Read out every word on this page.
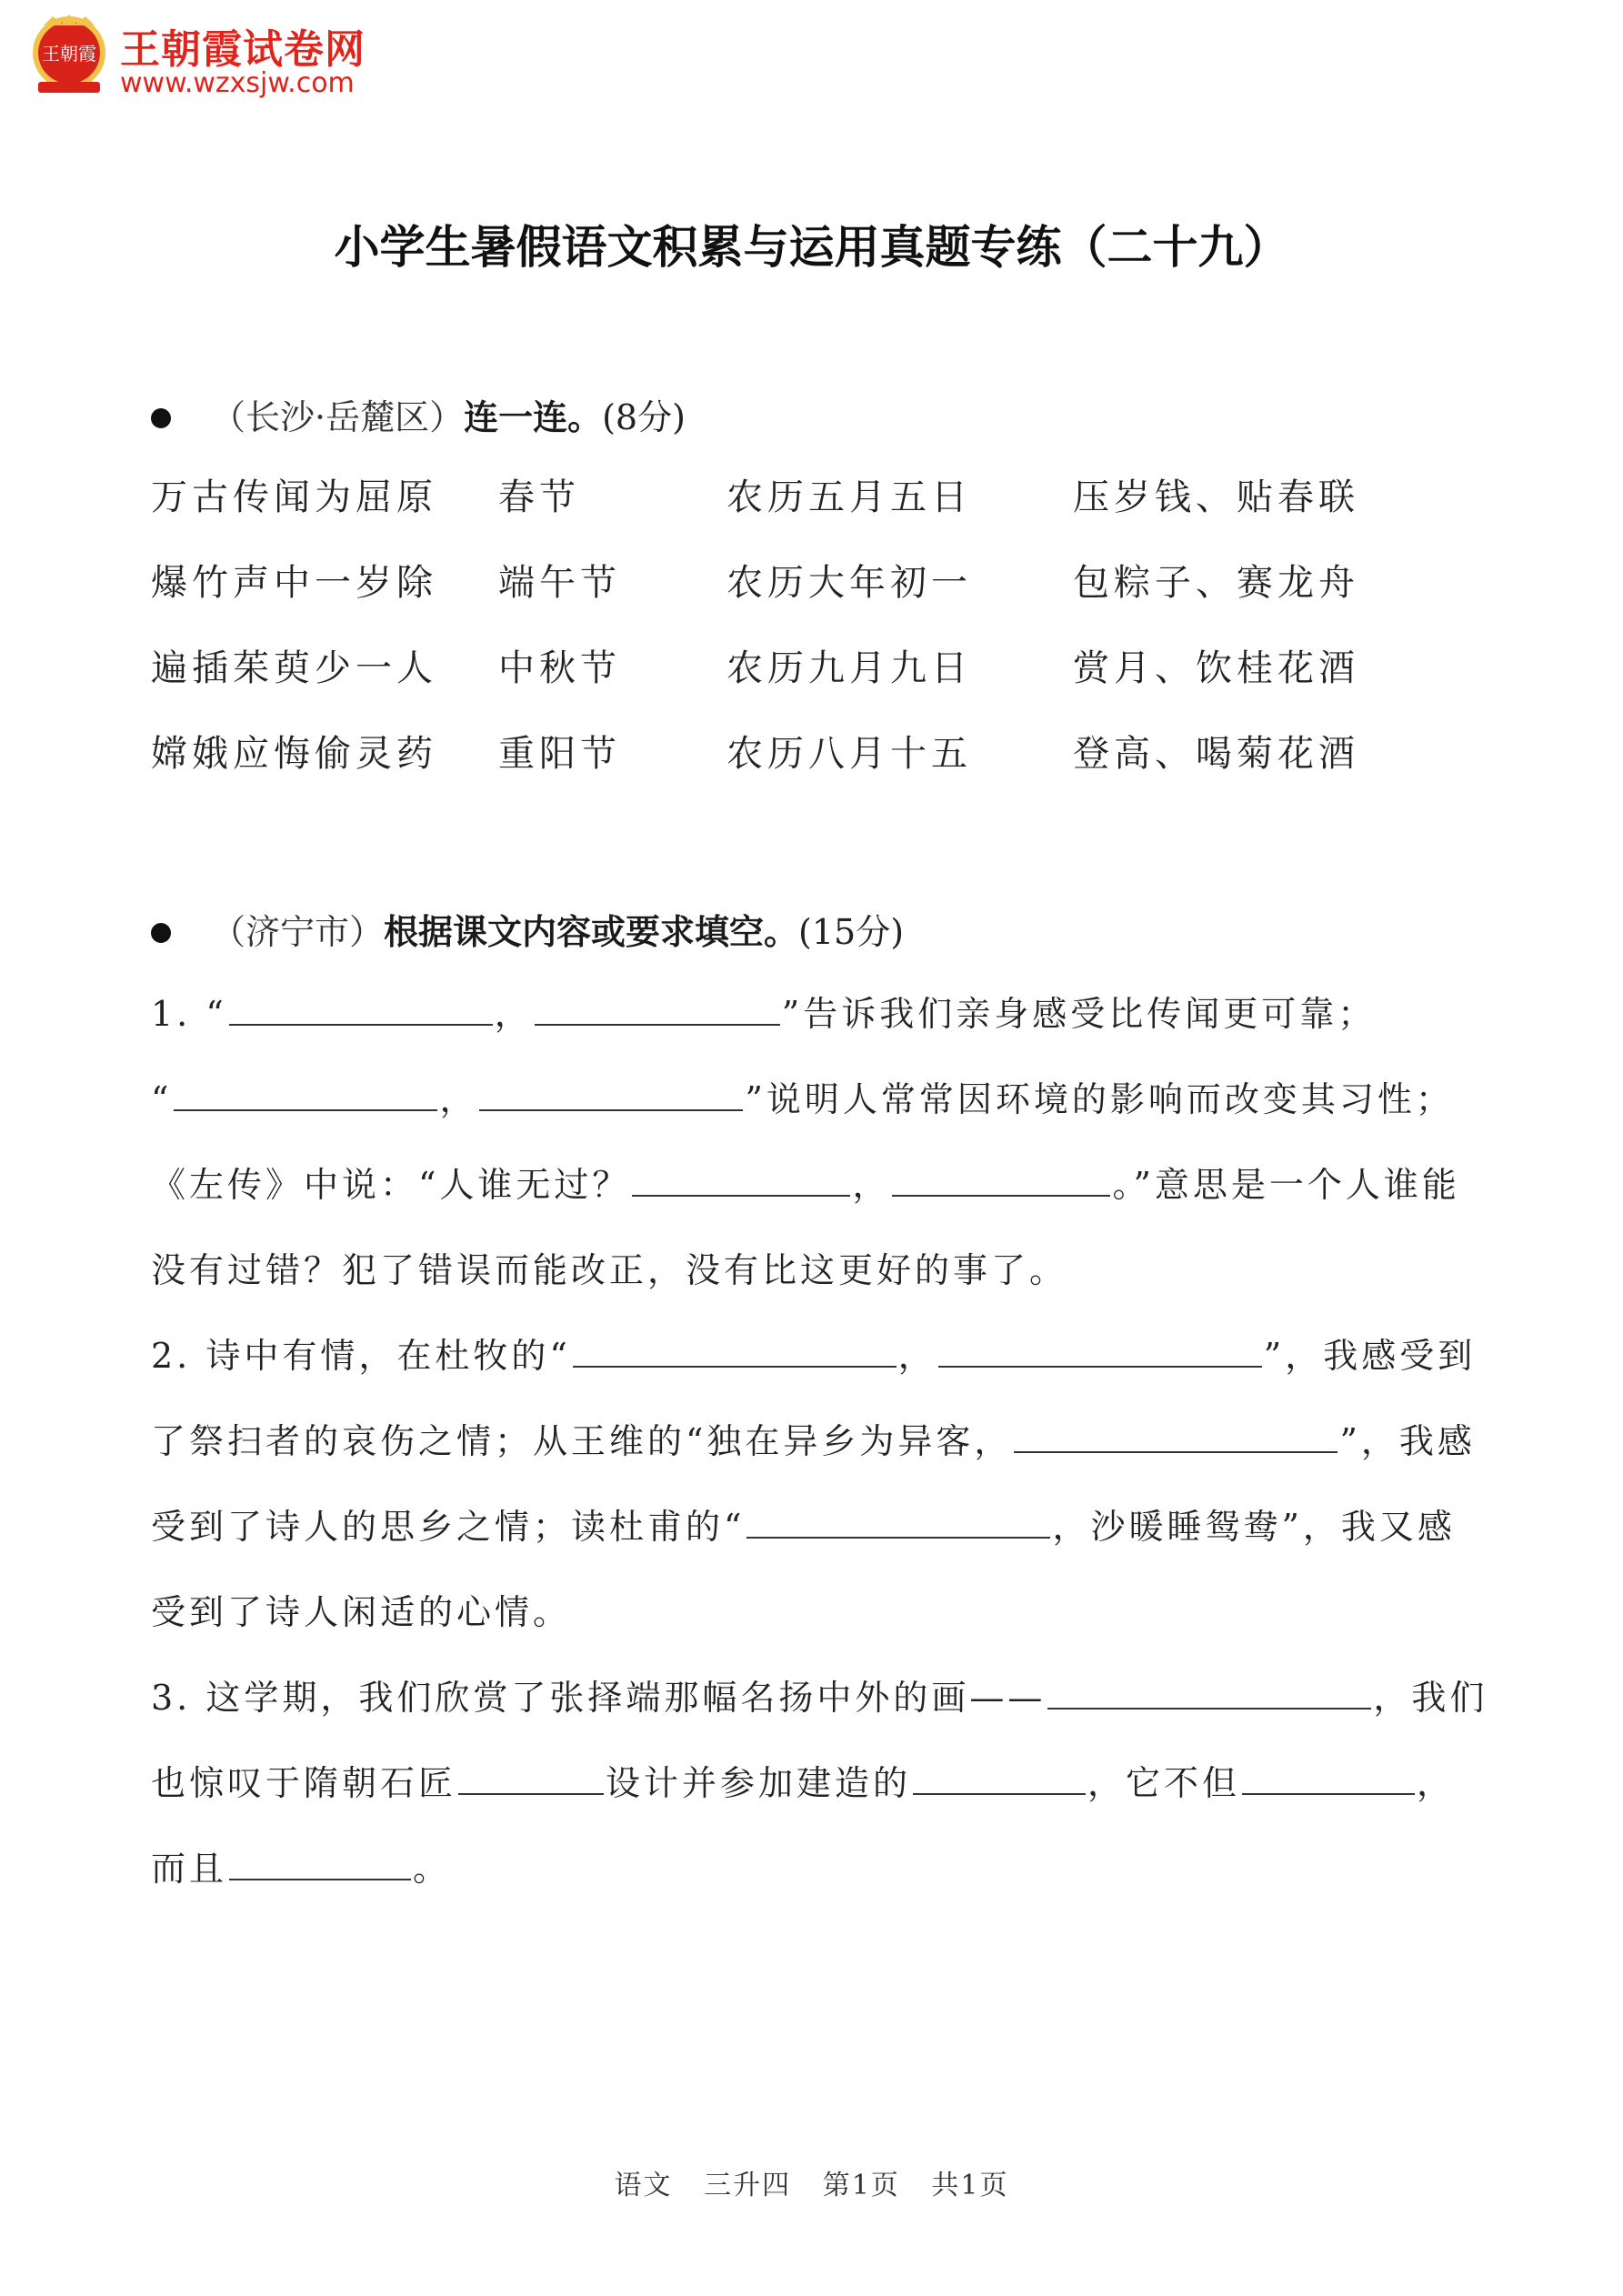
王朝霞 王朝霞试卷网
www.wzxsjw.com
小学生暑假语文积累与运用真题专练（二十九）
（长沙·岳麓区）连一连。(8分)
万古传闻为屈原 春节	农历五月五日	压岁钱、贴春联
爆竹声中一岁除 端午节	农历大年初一	包粽子、赛龙舟
遍插茱萸少一人 中秋节	农历九月九日	赏月、饮桂花酒
嫦娥应悔偷灵药 重阳节	农历八月十五	登高、喝菊花酒
（济宁市）根据课文内容或要求填空。(15分)
1. “	，	”告诉我们亲身感受比传闻更可靠；
“	，	”说明人常常因环境的影响而改变其习性；
《左传》中说：“人谁无过？	，	。”意思是一个人谁能
没有过错？犯了错误而能改正，没有比这更好的事了。
2. 诗中有情，在杜牧的“	，	”，我感受到
了祭扫者的哀伤之情；从王维的“独在异乡为异客，	”，我感
受到了诗人的思乡之情；读杜甫的“	，沙暖睡鸳鸯”，我又感
受到了诗人闲适的心情。
3. 这学期，我们欣赏了张择端那幅名扬中外的画——	，我们
也惊叹于隋朝石匠	设计并参加建造的	，它不但	，
而且	。
语文   三升四   第1页   共1页
